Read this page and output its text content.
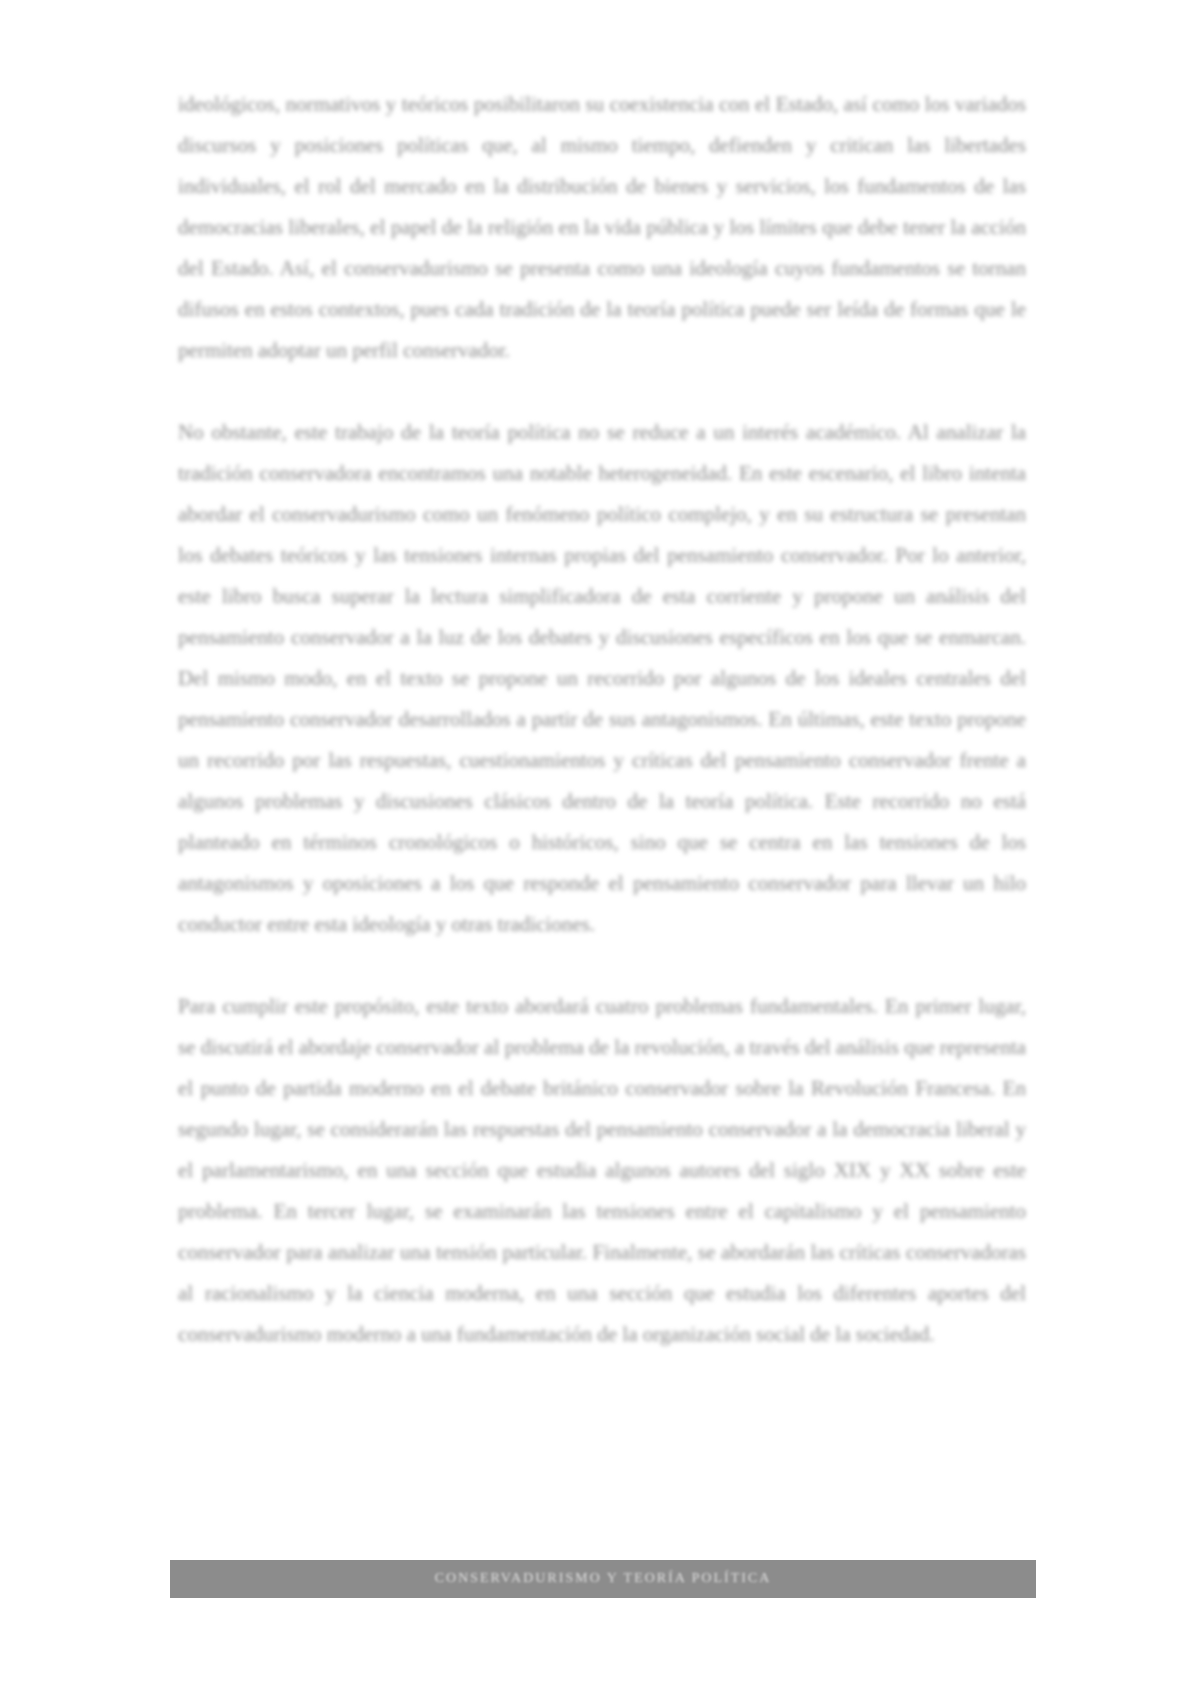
ideológicos, normativos y teóricos posibilitaron su coexistencia con el Estado, así como los variados discursos y posiciones políticas que, al mismo tiempo, defienden y critican las libertades individuales, el rol del mercado en la distribución de bienes y servicios, los fundamentos de las democracias liberales, el papel de la religión en la vida pública y los límites que debe tener la acción del Estado. Así, el conservadurismo se presenta como una ideología cuyos fundamentos se tornan difusos en estos contextos, pues cada tradición de la teoría política puede ser leída de formas que le permiten adoptar un perfil conservador.

No obstante, este trabajo de la teoría política no se reduce a un interés académico. Al analizar la tradición conservadora encontramos una notable heterogeneidad. En este escenario, el libro intenta abordar el conservadurismo como un fenómeno político complejo, y en su estructura se presentan los debates teóricos y las tensiones internas propias del pensamiento conservador. Por lo anterior, este libro busca superar la lectura simplificadora de esta corriente y propone un análisis del pensamiento conservador a la luz de los debates y discusiones específicos en los que se enmarcan. Del mismo modo, en el texto se propone un recorrido por algunos de los ideales centrales del pensamiento conservador desarrollados a partir de sus antagonismos. En últimas, este texto propone un recorrido por las respuestas, cuestionamientos y críticas del pensamiento conservador frente a algunos problemas y discusiones clásicos dentro de la teoría política. Este recorrido no está planteado en términos cronológicos o históricos, sino que se centra en las tensiones de los antagonismos y oposiciones a los que responde el pensamiento conservador para llevar un hilo conductor entre esta ideología y otras tradiciones.

Para cumplir este propósito, este texto abordará cuatro problemas fundamentales. En primer lugar, se discutirá el abordaje conservador al problema de la revolución, a través del análisis que representa el punto de partida moderno en el debate británico conservador sobre la Revolución Francesa. En segundo lugar, se considerarán las respuestas del pensamiento conservador a la democracia liberal y el parlamentarismo, en una sección que estudia algunos autores del siglo XIX y XX sobre este problema. En tercer lugar, se examinarán las tensiones entre el capitalismo y el pensamiento conservador para analizar una tensión particular. Finalmente, se abordarán las críticas conservadoras al racionalismo y la ciencia moderna, en una sección que estudia los diferentes aportes del conservadurismo moderno a una fundamentación de la organización social de la sociedad.

CONSERVADURISMO Y TEORÍA POLÍTICA
